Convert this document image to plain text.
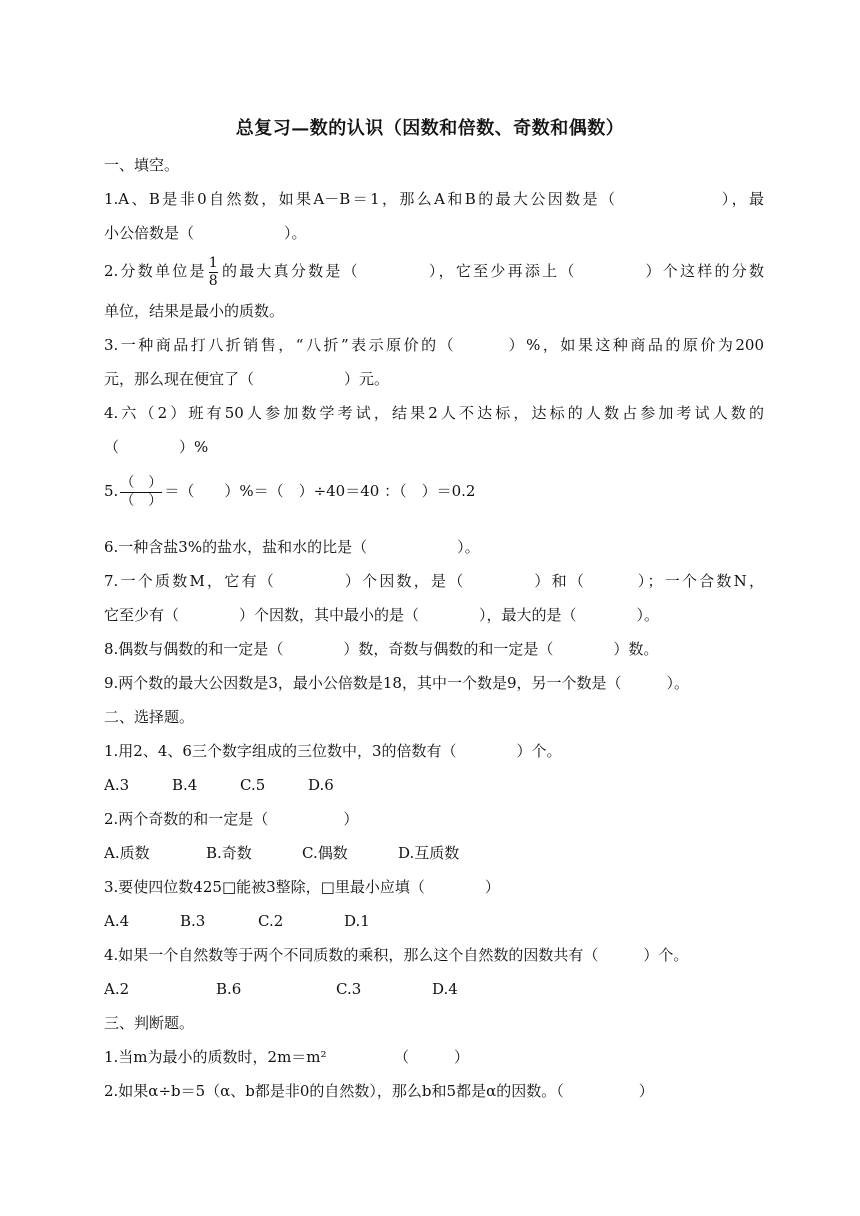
总复习—数的认识（因数和倍数、奇数和偶数）
一、填空。
1.A、B是非0自然数，如果A－B＝1，那么A和B的最大公因数是（　　　　　　），最
小公倍数是（　　　　　　）。
2.分数单位是 $\frac{1}{8}$ 的最大真分数是（　　　　），它至少再添上（　　　　）个这样的分数
单位，结果是最小的质数。
3.一种商品打八折销售，“八折”表示原价的（　　　）%，如果这种商品的原价为200
元，那么现在便宜了（　　　　　　）元。
4.六（2）班有50人参加数学考试，结果2人不达标，达标的人数占参加考试人数的
（　　　　）%
5. $\frac{( )}{( )}$ ＝（　　）%＝（　）÷40＝40 ：（　）＝0.2
6.一种含盐3%的盐水，盐和水的比是（　　　　　　）。
7.一个质数M，它有（　　　　）个因数，是（　　　　）和（　　　）；一个合数N，
它至少有（　　　　）个因数，其中最小的是（　　　　），最大的是（　　　　）。
8.偶数与偶数的和一定是（　　　　）数，奇数与偶数的和一定是（　　　　）数。
9.两个数的最大公因数是3，最小公倍数是18，其中一个数是9，另一个数是（　　　）。
二、选择题。
1.用2、4、6三个数字组成的三位数中，3的倍数有（　　　　）个。
A.3	B.4	C.5	D.6
2.两个奇数的和一定是（　　　　　）
A.质数	B.奇数	C.偶数	D.互质数
3.要使四位数425□能被3整除，□里最小应填（　　　　）
A.4	B.3	C.2	D.1
4.如果一个自然数等于两个不同质数的乘积，那么这个自然数的因数共有（　　　）个。
A.2	B.6	C.3	D.4
三、判断题。
1.当m为最小的质数时，2m＝m²　　　　　（　　　）
2.如果α÷b＝5（α、b都是非0的自然数），那么b和5都是α的因数。（　　　　　）
